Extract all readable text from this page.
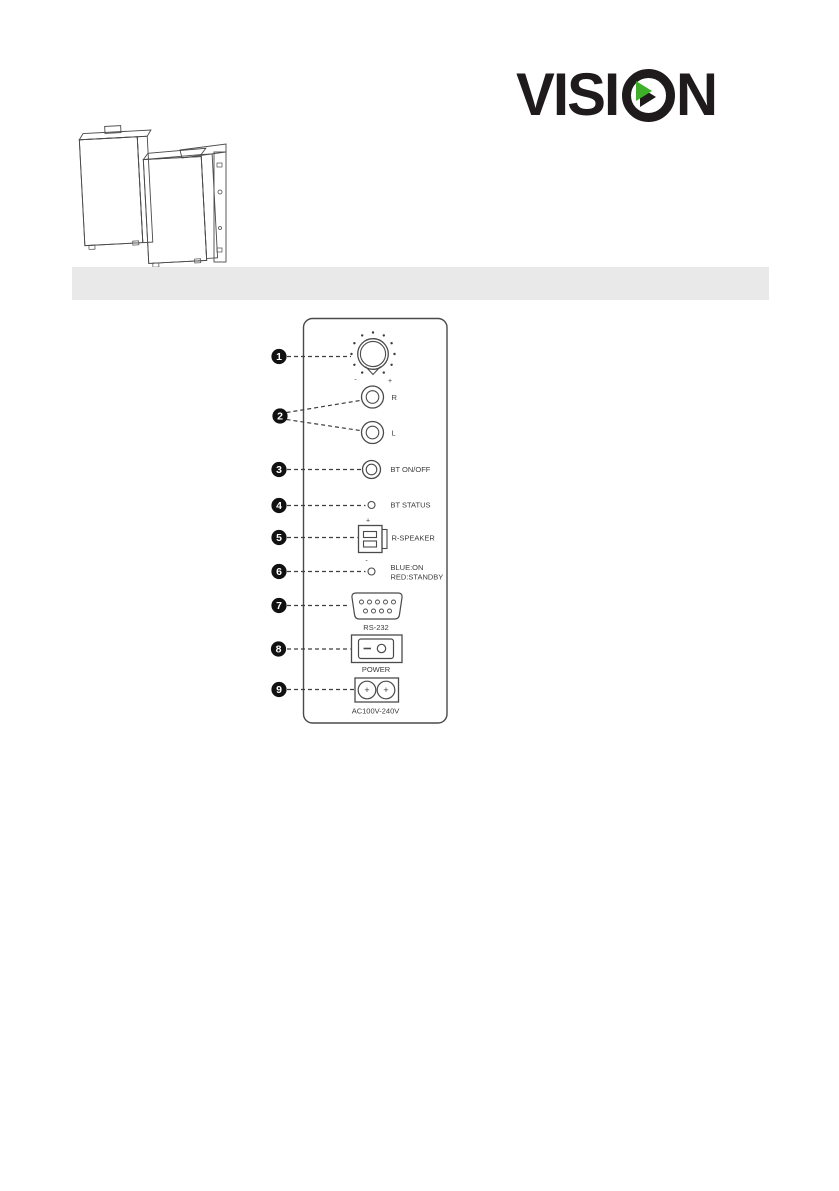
VISI N
-	+
R
L
BT ON/OFF
BT STATUS
+
-
R-SPEAKER
BLUE:ON
RED:STANDBY
RS-232
POWER
+ +
AC100V-240V
1
2
3
4
5
6
7
8
9
